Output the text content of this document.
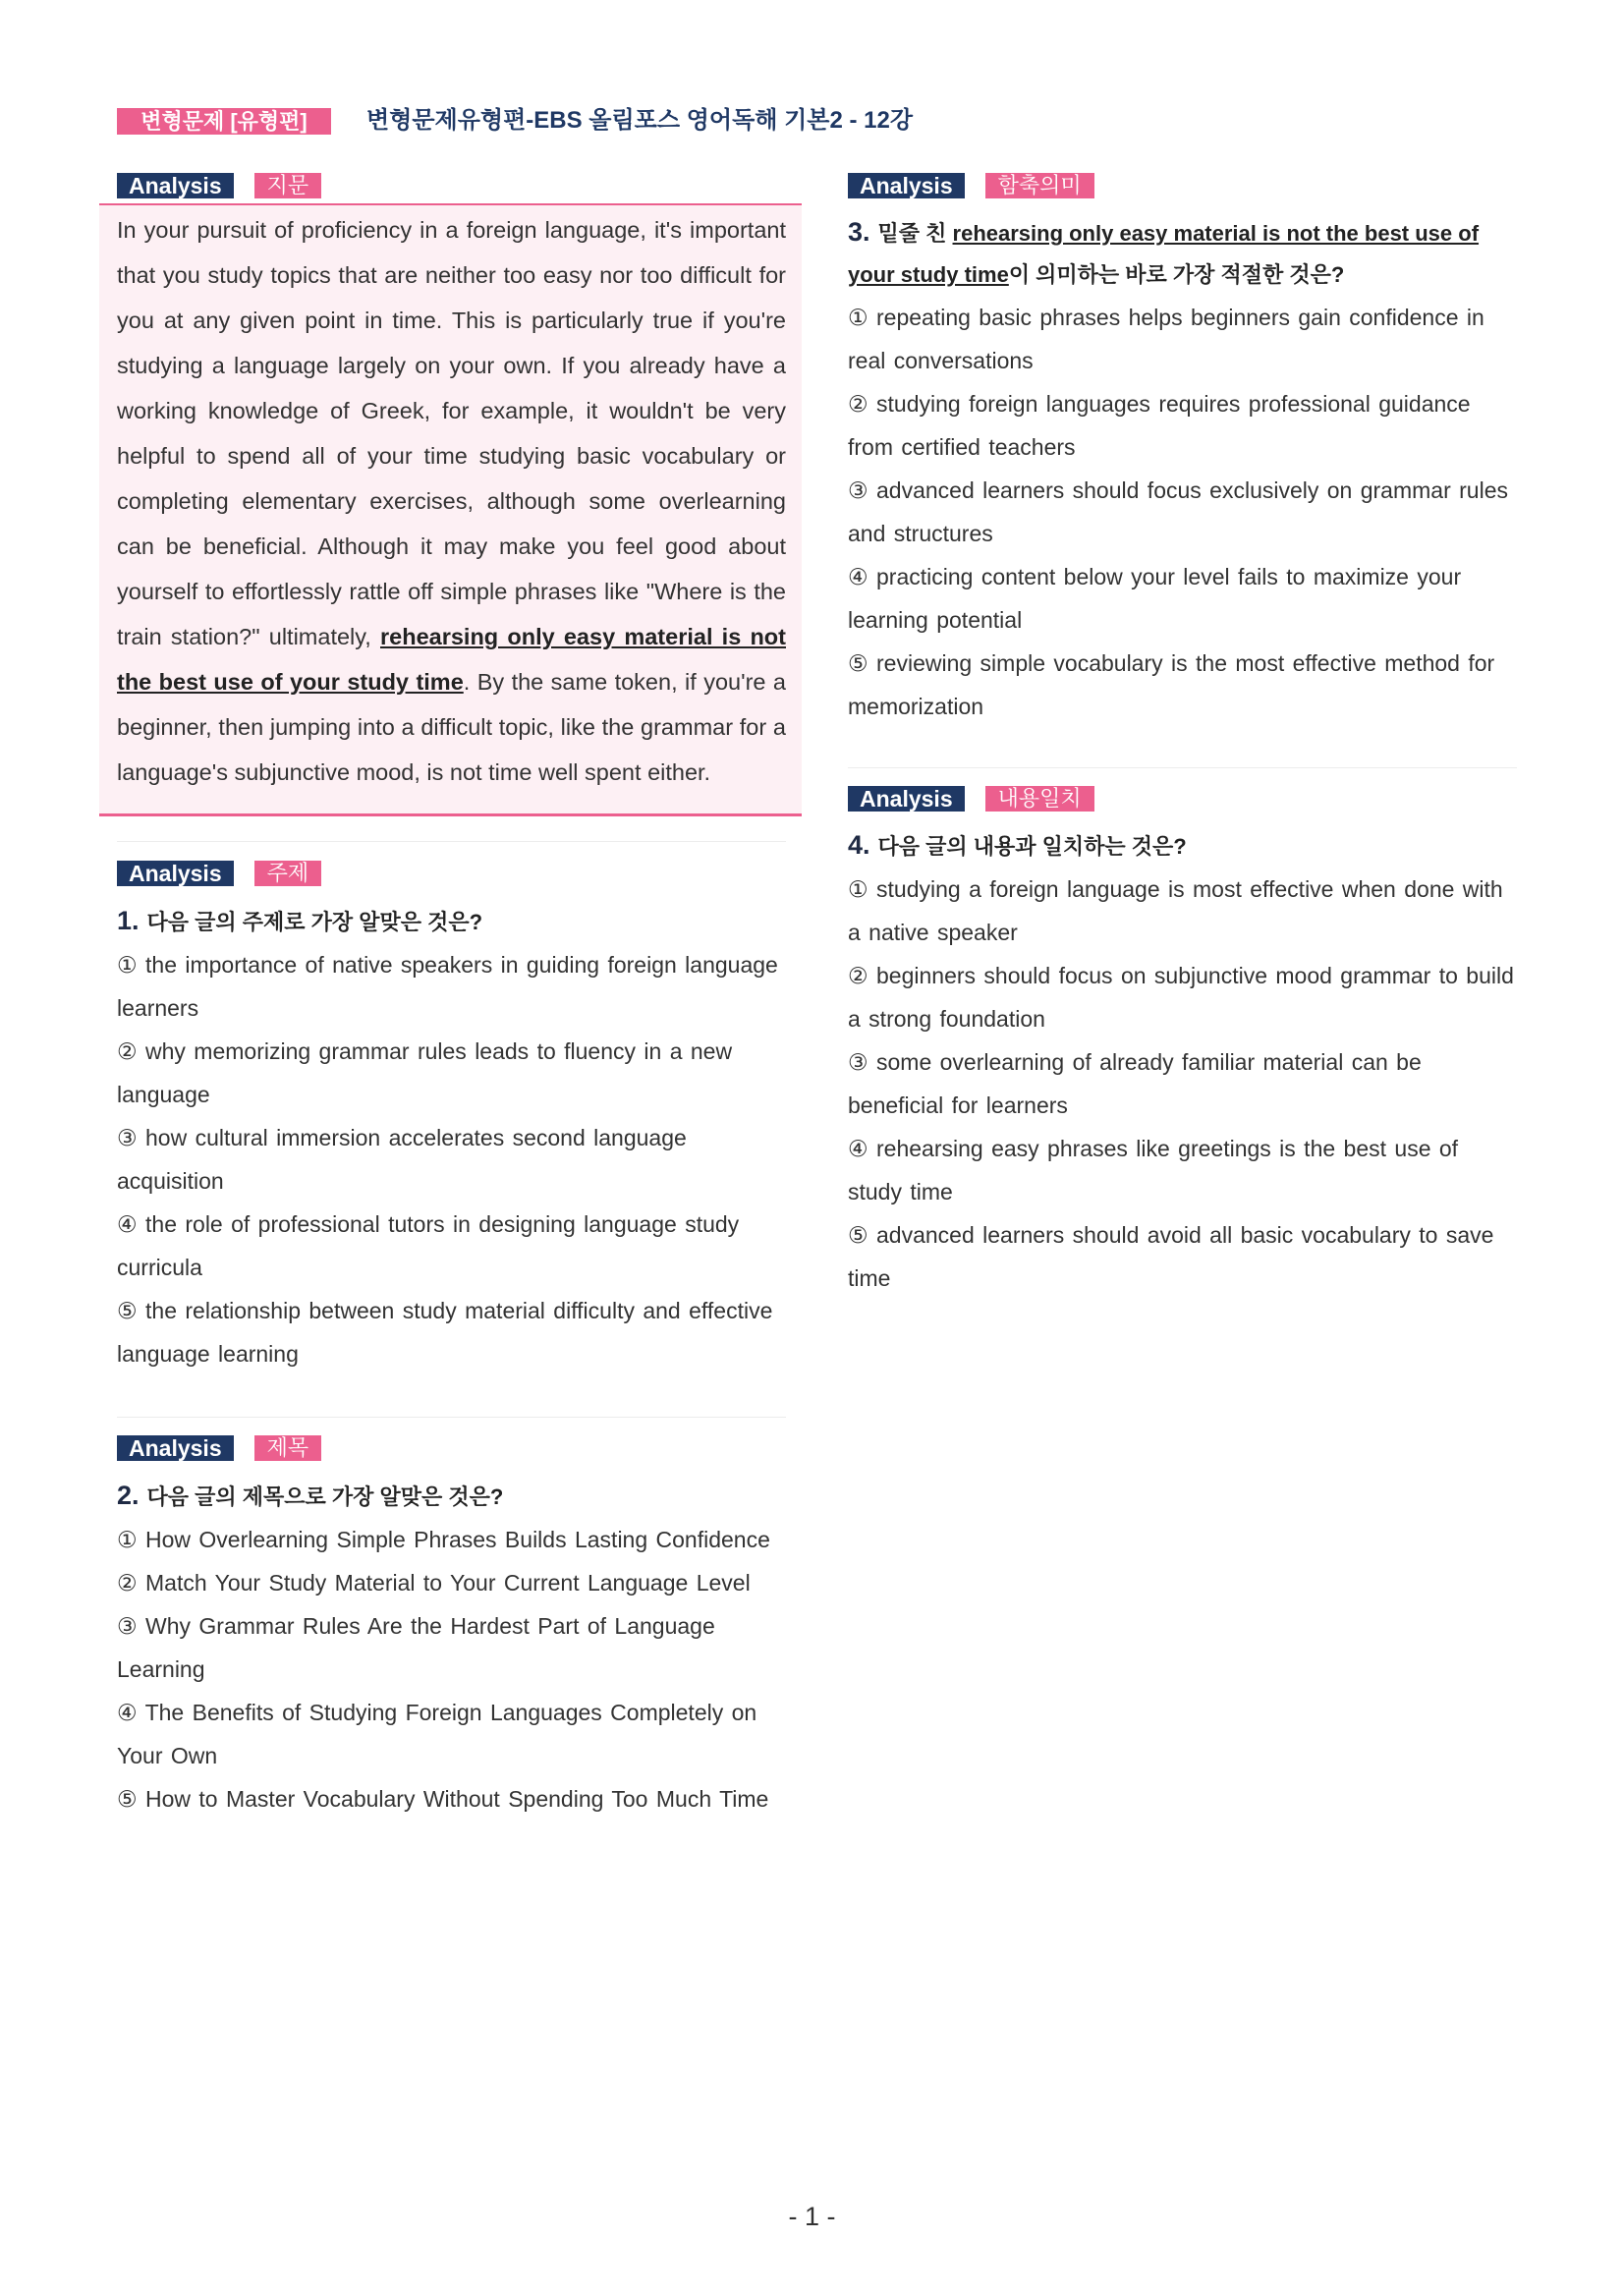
변형문제 [유형편]	변형문제유형편-EBS 올림포스 영어독해 기본2 - 12강
Analysis 지문
In your pursuit of proficiency in a foreign language, it's important that you study topics that are neither too easy nor too difficult for you at any given point in time. This is particularly true if you're studying a language largely on your own. If you already have a working knowledge of Greek, for example, it wouldn't be very helpful to spend all of your time studying basic vocabulary or completing elementary exercises, although some overlearning can be beneficial. Although it may make you feel good about yourself to effortlessly rattle off simple phrases like "Where is the train station?" ultimately, rehearsing only easy material is not the best use of your study time. By the same token, if you're a beginner, then jumping into a difficult topic, like the grammar for a language's subjunctive mood, is not time well spent either.
Analysis 주제
1. 다음 글의 주제로 가장 알맞은 것은?

① the importance of native speakers in guiding foreign language learners

② why memorizing grammar rules leads to fluency in a new language

③ how cultural immersion accelerates second language acquisition

④ the role of professional tutors in designing language study curricula

⑤ the relationship between study material difficulty and effective language learning

Analysis 제목
2. 다음 글의 제목으로 가장 알맞은 것은?

① How Overlearning Simple Phrases Builds Lasting Confidence

② Match Your Study Material to Your Current Language Level

③ Why Grammar Rules Are the Hardest Part of Language Learning

④ The Benefits of Studying Foreign Languages Completely on Your Own

⑤ How to Master Vocabulary Without Spending Too Much Time

Analysis 함축의미
3. 밑줄 친 rehearsing only easy material is not the best use of your study time이 의미하는 바로 가장 적절한 것은?

① repeating basic phrases helps beginners gain confidence in real conversations

② studying foreign languages requires professional guidance from certified teachers

③ advanced learners should focus exclusively on grammar rules and structures

④ practicing content below your level fails to maximize your learning potential

⑤ reviewing simple vocabulary is the most effective method for memorization

Analysis 내용일치
4. 다음 글의 내용과 일치하는 것은?

① studying a foreign language is most effective when done with a native speaker

② beginners should focus on subjunctive mood grammar to build a strong foundation

③ some overlearning of already familiar material can be beneficial for learners

④ rehearsing easy phrases like greetings is the best use of study time

⑤ advanced learners should avoid all basic vocabulary to save time

- 1 -
